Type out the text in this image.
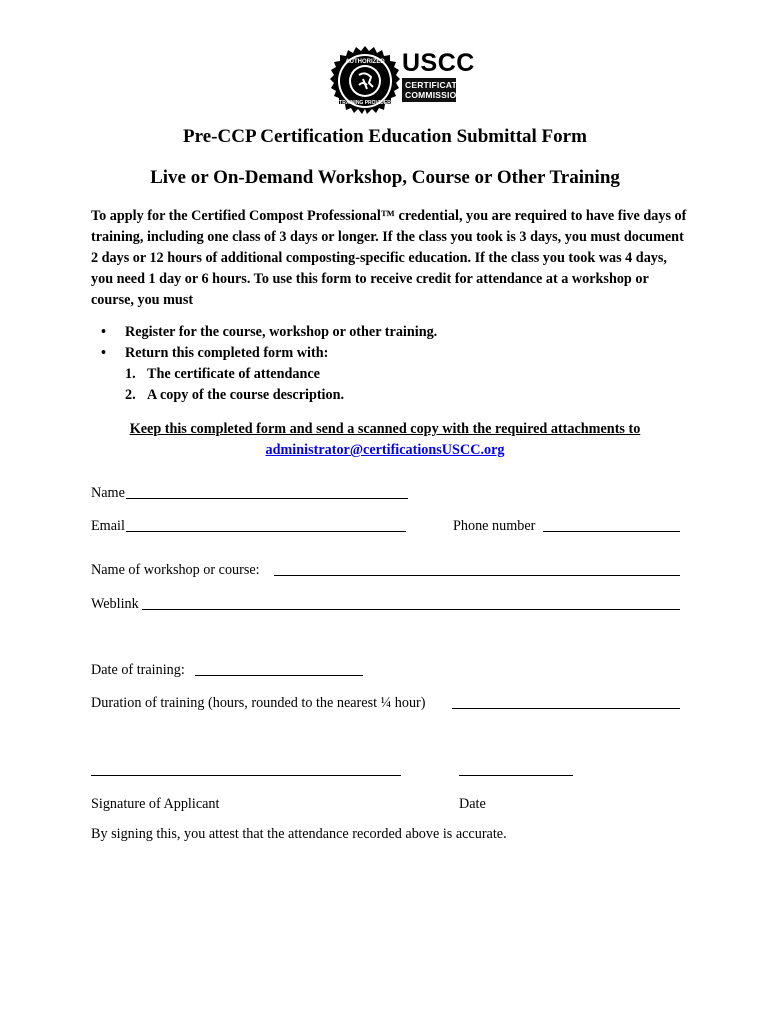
AUTHORIZED
TRAINING PROVIDER
USCC
CERTIFICATION
COMMISSION
Pre-CCP Certification Education Submittal Form
Live or On-Demand Workshop, Course or Other Training
To apply for the Certified Compost Professional™ credential, you are required to have five days of training, including one class of 3 days or longer. If the class you took is 3 days, you must document 2 days or 12 hours of additional composting-specific education. If the class you took was 4 days, you need 1 day or 6 hours. To use this form to receive credit for attendance at a workshop or course, you must
• Register for the course, workshop or other training.
• Return this completed form with:
1. The certificate of attendance
2. A copy of the course description.
Keep this completed form and send a scanned copy with the required attachments to
administrator@certificationsUSCC.org
Name
Email	Phone number
Name of workshop or course:
Weblink
Date of training:
Duration of training (hours, rounded to the nearest ¼ hour)
Signature of Applicant	Date
By signing this, you attest that the attendance recorded above is accurate.
